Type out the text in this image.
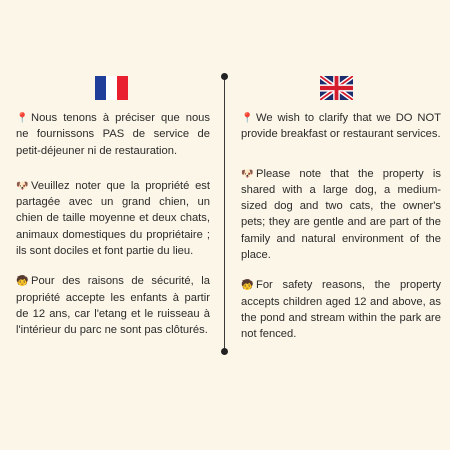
📍 Nous tenons à préciser que nous ne fournissons PAS de service de petit-déjeuner ni de restauration.

🐶 Veuillez noter que la propriété est partagée avec un grand chien, un chien de taille moyenne et deux chats, animaux domestiques du propriétaire ; ils sont dociles et font partie du lieu.

🧒 Pour des raisons de sécurité, la propriété accepte les enfants à partir de 12 ans, car l'etang et le ruisseau à l'intérieur du parc ne sont pas clôturés.

📍 We wish to clarify that we DO NOT provide breakfast or restaurant services.

🐶 Please note that the property is shared with a large dog, a medium-sized dog and two cats, the owner's pets; they are gentle and are part of the family and natural environment of the place.

🧒 For safety reasons, the property accepts children aged 12 and above, as the pond and stream within the park are not fenced.
